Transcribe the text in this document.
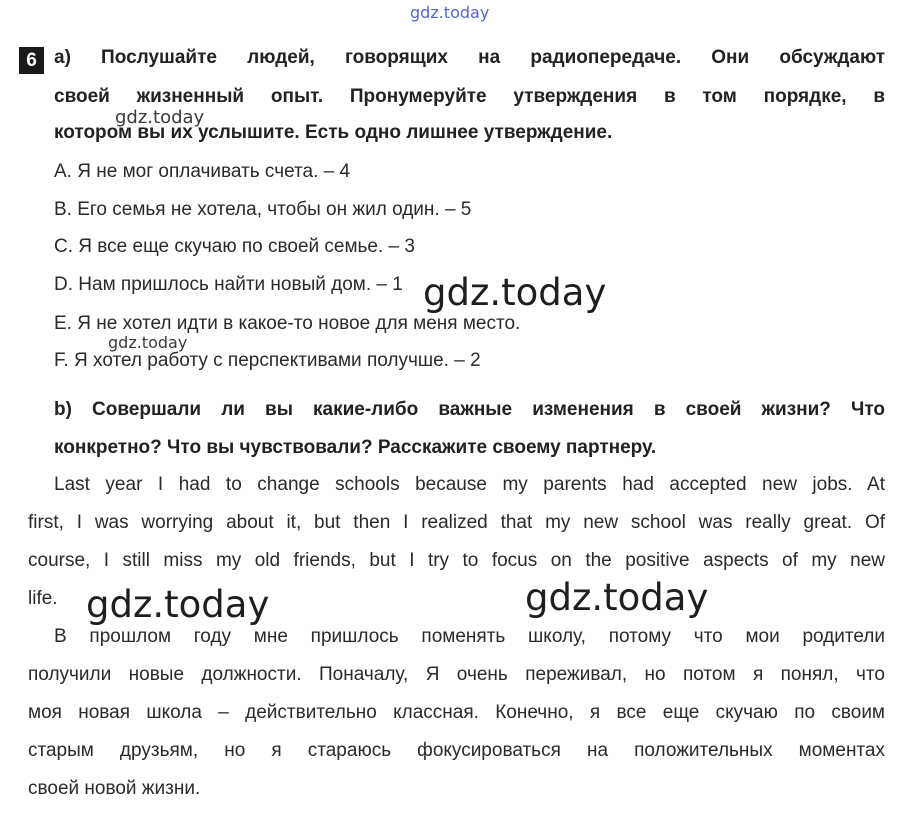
gdz.today
6 a) Послушайте людей, говорящих на радиопередаче. Они обсуждают
своей жизненный опыт. Пронумеруйте утверждения в том порядке, в
котором вы их услышите. Есть одно лишнее утверждение.
A. Я не мог оплачивать счета. – 4
B. Его семья не хотела, чтобы он жил один. – 5
C. Я все еще скучаю по своей семье. – 3
D. Нам пришлось найти новый дом. – 1
E. Я не хотел идти в какое-то новое для меня место.
F. Я хотел работу с перспективами получше. – 2
b) Совершали ли вы какие-либо важные изменения в своей жизни? Что
конкретно? Что вы чувствовали? Расскажите своему партнеру.
Last year I had to change schools because my parents had accepted new jobs. At
first, I was worrying about it, but then I realized that my new school was really great. Of
course, I still miss my old friends, but I try to focus on the positive aspects of my new
life.
В прошлом году мне пришлось поменять школу, потому что мои родители
получили новые должности. Поначалу, Я очень переживал, но потом я понял, что
моя новая школа – действительно классная. Конечно, я все еще скучаю по своим
старым друзьям, но я стараюсь фокусироваться на положительных моментах
своей новой жизни.
gdz.today
gdz.today
gdz.today
gdz.today	gdz.today
